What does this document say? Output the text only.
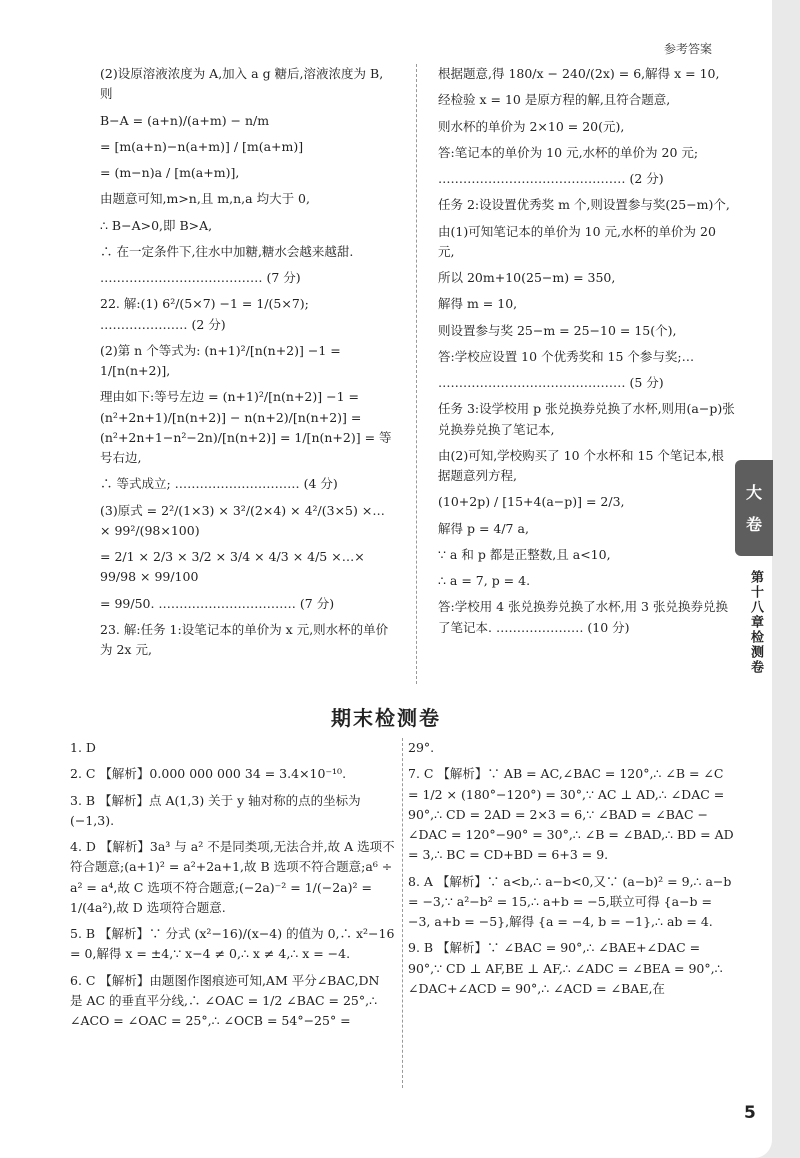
参考答案

(2)设原溶液浓度为 A,加入 a g 糖后,溶液浓度为 B,则

B−A = (a+n)/(a+m) − n/m

= [m(a+n)−n(a+m)] / [m(a+m)]

= (m−n)a / [m(a+m)],

由题意可知,m>n,且 m,n,a 均大于 0,

∴ B−A>0,即 B>A,

∴ 在一定条件下,往水中加糖,糖水会越来越甜.

………………………………… (7 分)

22. 解:(1) 6²/(5×7) −1 = 1/(5×7); ………………… (2 分)

(2)第 n 个等式为: (n+1)²/[n(n+2)] −1 = 1/[n(n+2)],

理由如下:等号左边 = (n+1)²/[n(n+2)] −1 = (n²+2n+1)/[n(n+2)] − n(n+2)/[n(n+2)] = (n²+2n+1−n²−2n)/[n(n+2)] = 1/[n(n+2)] = 等号右边,

∴ 等式成立; ………………………… (4 分)

(3)原式 = 2²/(1×3) × 3²/(2×4) × 4²/(3×5) ×…× 99²/(98×100)

= 2/1 × 2/3 × 3/2 × 3/4 × 4/3 × 4/5 ×…× 99/98 × 99/100

= 99/50. …………………………… (7 分)

23. 解:任务 1:设笔记本的单价为 x 元,则水杯的单价为 2x 元,

根据题意,得 180/x − 240/(2x) = 6,解得 x = 10,

经检验 x = 10 是原方程的解,且符合题意,

则水杯的单价为 2×10 = 20(元),

答:笔记本的单价为 10 元,水杯的单价为 20 元;

……………………………………… (2 分)

任务 2:设设置优秀奖 m 个,则设置参与奖(25−m)个,

由(1)可知笔记本的单价为 10 元,水杯的单价为 20 元,

所以 20m+10(25−m) = 350,

解得 m = 10,

则设置参与奖 25−m = 25−10 = 15(个),

答:学校应设置 10 个优秀奖和 15 个参与奖;…

……………………………………… (5 分)

任务 3:设学校用 p 张兑换券兑换了水杯,则用(a−p)张兑换券兑换了笔记本,

由(2)可知,学校购买了 10 个水杯和 15 个笔记本,根据题意列方程,

(10+2p) / [15+4(a−p)] = 2/3,

解得 p = 4/7 a,

∵ a 和 p 都是正整数,且 a<10,

∴ a = 7, p = 4.

答:学校用 4 张兑换券兑换了水杯,用 3 张兑换券兑换了笔记本. ………………… (10 分)

期末检测卷

1. D

2. C 【解析】0.000 000 000 34 = 3.4×10⁻¹⁰.

3. B 【解析】点 A(1,3) 关于 y 轴对称的点的坐标为 (−1,3).

4. D 【解析】3a³ 与 a² 不是同类项,无法合并,故 A 选项不符合题意;(a+1)² = a²+2a+1,故 B 选项不符合题意;a⁶ ÷ a² = a⁴,故 C 选项不符合题意;(−2a)⁻² = 1/(−2a)² = 1/(4a²),故 D 选项符合题意.

5. B 【解析】∵ 分式 (x²−16)/(x−4) 的值为 0,∴ x²−16 = 0,解得 x = ±4,∵ x−4 ≠ 0,∴ x ≠ 4,∴ x = −4.

6. C 【解析】由题图作图痕迹可知,AM 平分∠BAC,DN 是 AC 的垂直平分线,∴ ∠OAC = 1/2 ∠BAC = 25°,∴ ∠ACO = ∠OAC = 25°,∴ ∠OCB = 54°−25° =

29°.

7. C 【解析】∵ AB = AC,∠BAC = 120°,∴ ∠B = ∠C = 1/2 × (180°−120°) = 30°,∵ AC ⊥ AD,∴ ∠DAC = 90°,∴ CD = 2AD = 2×3 = 6,∵ ∠BAD = ∠BAC − ∠DAC = 120°−90° = 30°,∴ ∠B = ∠BAD,∴ BD = AD = 3,∴ BC = CD+BD = 6+3 = 9.

8. A 【解析】∵ a<b,∴ a−b<0,又∵ (a−b)² = 9,∴ a−b = −3,∵ a²−b² = 15,∴ a+b = −5,联立可得 {a−b = −3, a+b = −5},解得 {a = −4, b = −1},∴ ab = 4.

9. B 【解析】∵ ∠BAC = 90°,∴ ∠BAE+∠DAC = 90°,∵ CD ⊥ AF,BE ⊥ AF,∴ ∠ADC = ∠BEA = 90°,∴ ∠DAC+∠ACD = 90°,∴ ∠ACD = ∠BAE,在

5
大
卷
第十八章检测卷
